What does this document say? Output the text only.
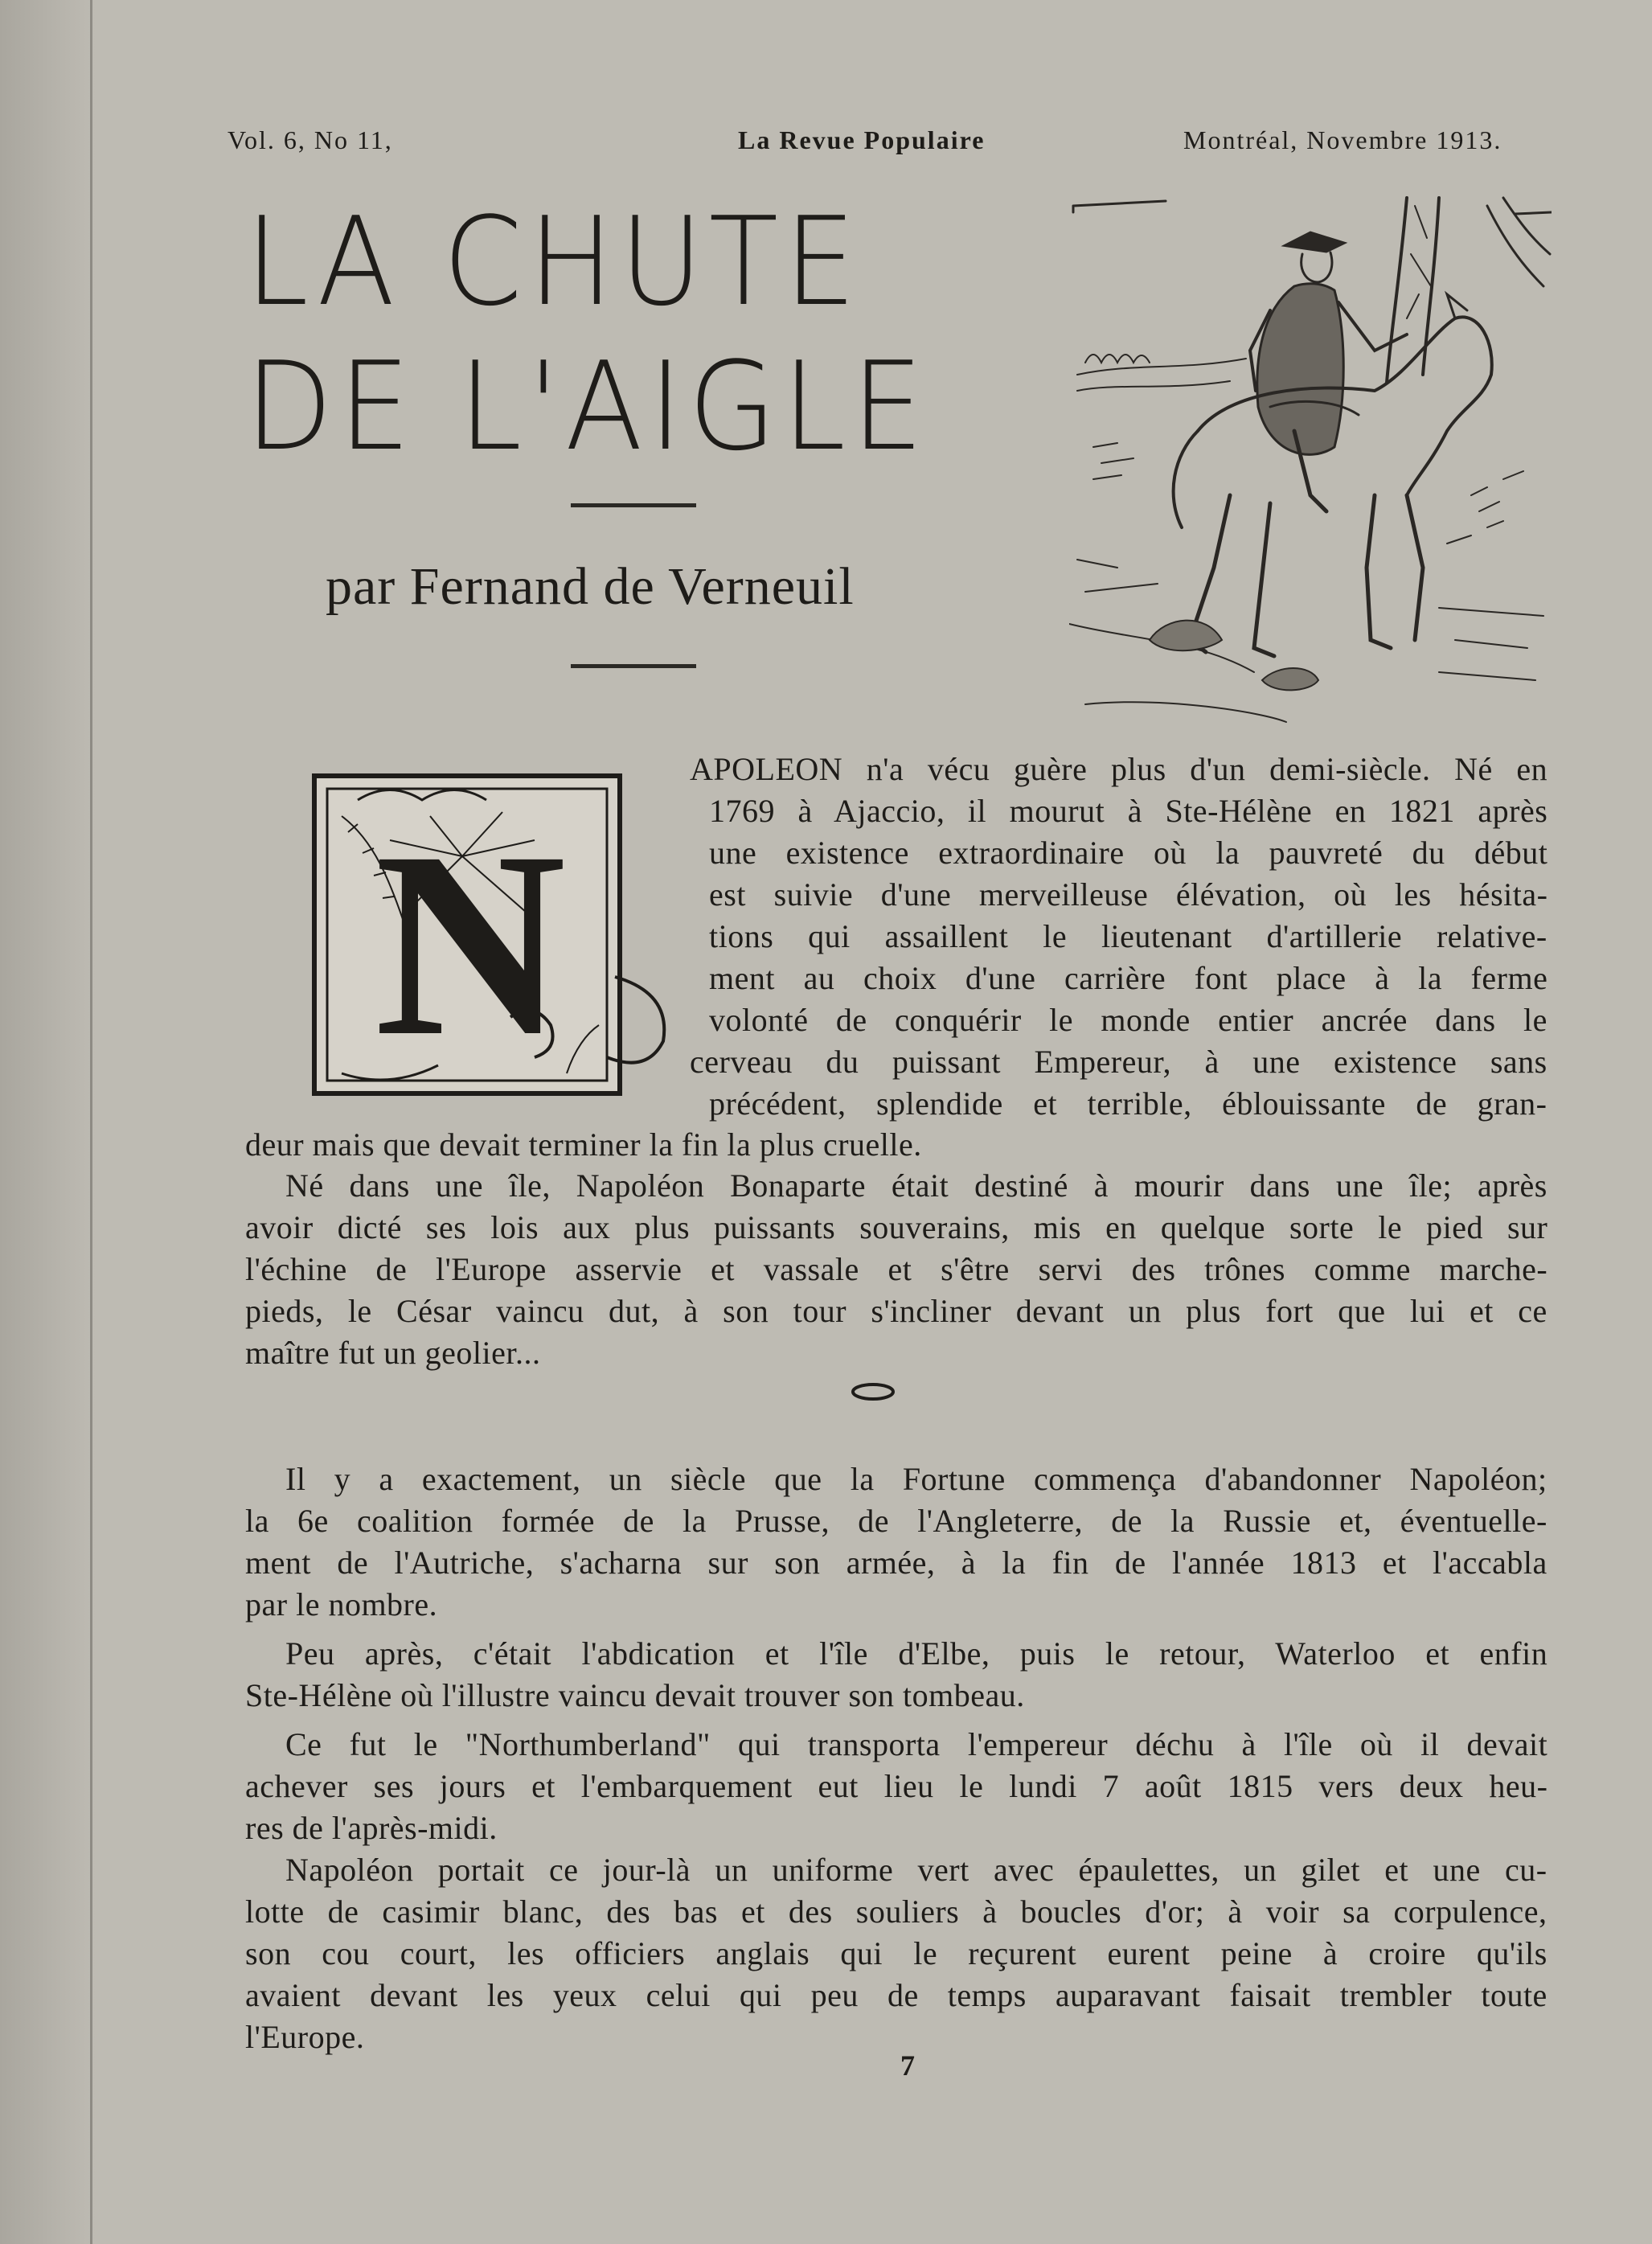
Vol. 6, No 11,	La Revue Populaire	Montréal, Novembre 1913.
LA CHUTE
DE L'AIGLE
par Fernand de Verneuil
N
APOLEON n'a vécu guère plus d'un demi-siècle. Né en
1769 à Ajaccio, il mourut à Ste-Hélène en 1821 après
une existence extraordinaire où la pauvreté du début
est suivie d'une merveilleuse élévation, où les hésita-
tions qui assaillent le lieutenant d'artillerie relative-
ment au choix d'une carrière font place à la ferme
volonté de conquérir le monde entier ancrée dans le
cerveau du puissant Empereur, à une existence sans
précédent, splendide et terrible, éblouissante de gran-
deur mais que devait terminer la fin la plus cruelle.
Né dans une île, Napoléon Bonaparte était destiné à mourir dans une île; après
avoir dicté ses lois aux plus puissants souverains, mis en quelque sorte le pied sur
l'échine de l'Europe asservie et vassale et s'être servi des trônes comme marche-
pieds, le César vaincu dut, à son tour s'incliner devant un plus fort que lui et ce
maître fut un geolier...
Il y a exactement, un siècle que la Fortune commença d'abandonner Napoléon;
la 6e coalition formée de la Prusse, de l'Angleterre, de la Russie et, éventuelle-
ment de l'Autriche, s'acharna sur son armée, à la fin de l'année 1813 et l'accabla
par le nombre.
Peu après, c'était l'abdication et l'île d'Elbe, puis le retour, Waterloo et enfin
Ste-Hélène où l'illustre vaincu devait trouver son tombeau.
Ce fut le "Northumberland" qui transporta l'empereur déchu à l'île où il devait
achever ses jours et l'embarquement eut lieu le lundi 7 août 1815 vers deux heu-
res de l'après-midi.
Napoléon portait ce jour-là un uniforme vert avec épaulettes, un gilet et une cu-
lotte de casimir blanc, des bas et des souliers à boucles d'or; à voir sa corpulence,
son cou court, les officiers anglais qui le reçurent eurent peine à croire qu'ils
avaient devant les yeux celui qui peu de temps auparavant faisait trembler toute
l'Europe.
7
